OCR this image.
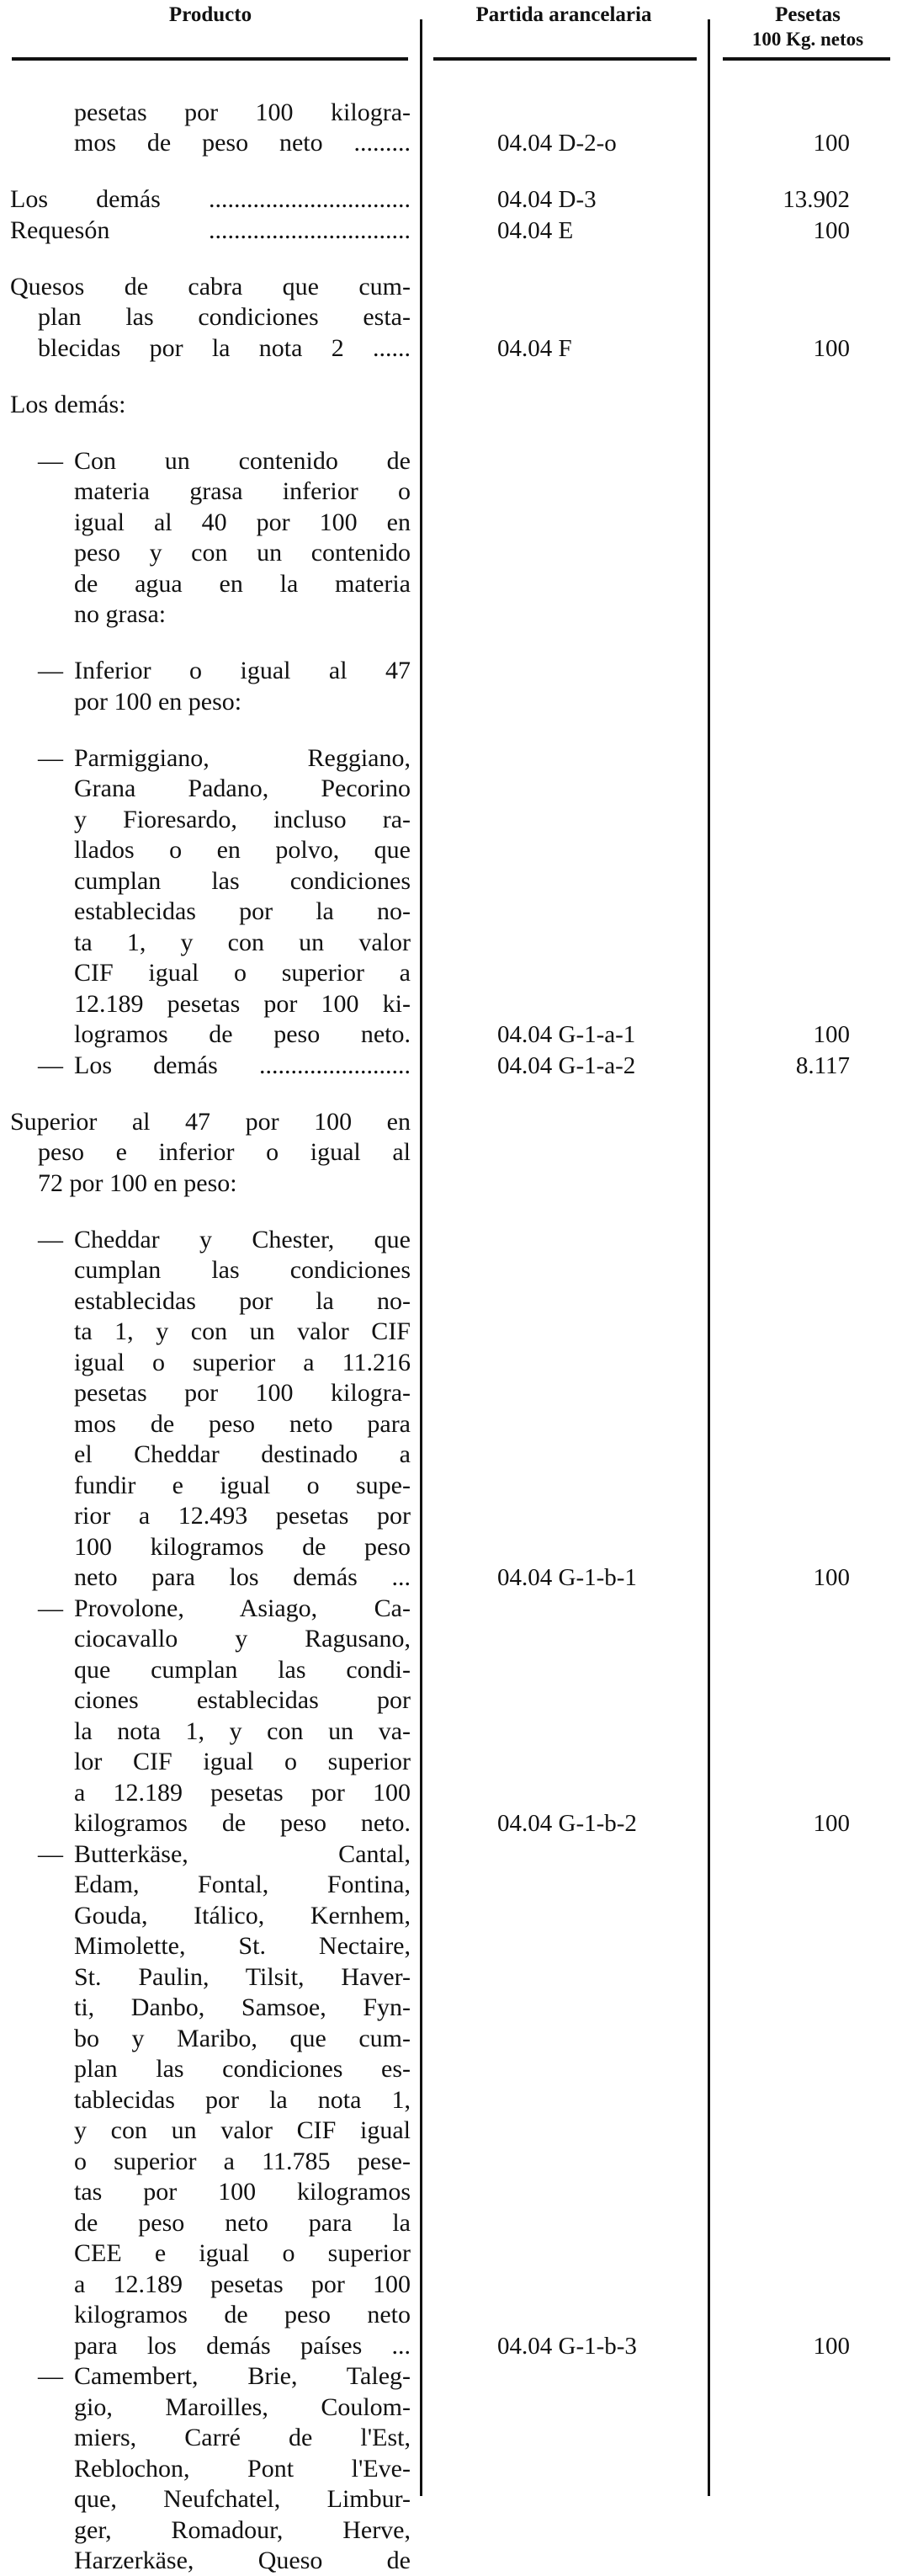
Producto	Partida arancelaria	Pesetas
100 Kg. netos
pesetas por 100 kilogra-
mos de peso neto .........	04.04 D-2-o	100
Los demás ................................	04.04 D-3	13.902
Requesón ................................	04.04 E	100
Quesos de cabra que cum-
plan las condiciones esta-
blecidas por la nota 2 ......	04.04 F	100
Los demás:
— Con un contenido de
materia grasa inferior o
igual al 40 por 100 en
peso y con un contenido
de agua en la materia
no grasa:
— Inferior o igual al 47
por 100 en peso:
— Parmiggiano, Reggiano,
Grana Padano, Pecorino
y Fioresardo, incluso ra-
llados o en polvo, que
cumplan las condiciones
establecidas por la no-
ta 1, y con un valor
CIF igual o superior a
12.189 pesetas por 100 ki-
logramos de peso neto.	04.04 G-1-a-1	100
— Los demás ........................	04.04 G-1-a-2	8.117
Superior al 47 por 100 en
peso e inferior o igual al
72 por 100 en peso:
— Cheddar y Chester, que
cumplan las condiciones
establecidas por la no-
ta 1, y con un valor CIF
igual o superior a 11.216
pesetas por 100 kilogra-
mos de peso neto para
el Cheddar destinado a
fundir e igual o supe-
rior a 12.493 pesetas por
100 kilogramos de peso
neto para los demás ...	04.04 G-1-b-1	100
— Provolone, Asiago, Ca-
ciocavallo y Ragusano,
que cumplan las condi-
ciones establecidas por
la nota 1, y con un va-
lor CIF igual o superior
a 12.189 pesetas por 100
kilogramos de peso neto.	04.04 G-1-b-2	100
— Butterkäse, Cantal,
Edam, Fontal, Fontina,
Gouda, Itálico, Kernhem,
Mimolette, St. Nectaire,
St. Paulin, Tilsit, Haver-
ti, Danbo, Samsoe, Fyn-
bo y Maribo, que cum-
plan las condiciones es-
tablecidas por la nota 1,
y con un valor CIF igual
o superior a 11.785 pese-
tas por 100 kilogramos
de peso neto para la
CEE e igual o superior
a 12.189 pesetas por 100
kilogramos de peso neto
para los demás países ...	04.04 G-1-b-3	100
— Camembert, Brie, Taleg-
gio, Maroilles, Coulom-
miers, Carré de l'Est,
Reblochon, Pont l'Eve-
que, Neufchatel, Limbur-
ger, Romadour, Herve,
Harzerkäse, Queso de
